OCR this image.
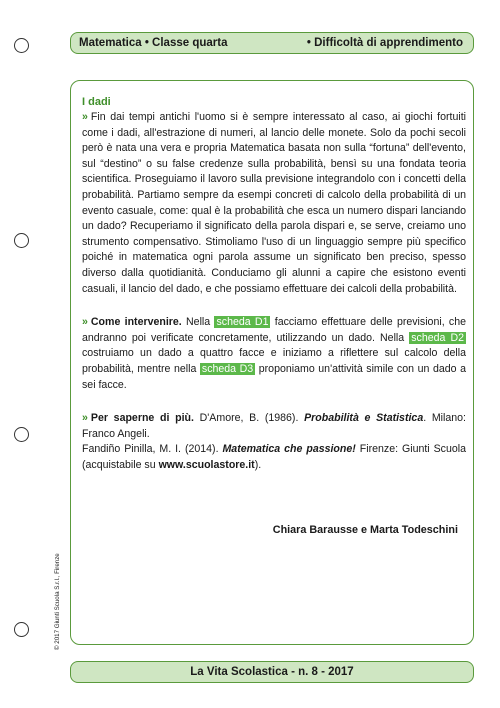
Matematica • Classe quarta	• Difficoltà di apprendimento

I dadi

» Fin dai tempi antichi l'uomo si è sempre interessato al caso, ai giochi fortuiti come i dadi, all'estrazione di numeri, al lancio delle monete. Solo da pochi secoli però è nata una vera e propria Matematica basata non sulla “fortuna” dell'evento, sul “destino” o su false credenze sulla probabilità, bensì su una fondata teoria scientifica. Proseguiamo il lavoro sulla previsione integrandolo con i concetti della probabilità. Partiamo sempre da esempi concreti di calcolo della probabilità di un evento casuale, come: qual è la probabilità che esca un numero dispari lanciando un dado? Recuperiamo il significato della parola dispari e, se serve, creiamo uno strumento compensativo. Stimoliamo l'uso di un linguaggio sempre più specifico poiché in matematica ogni parola assume un significato ben preciso, spesso diverso dalla quotidianità. Conduciamo gli alunni a capire che esistono eventi casuali, il lancio del dado, e che possiamo effettuare dei calcoli della probabilità.

» Come intervenire. Nella scheda D1 facciamo effettuare delle previsioni, che andranno poi verificate concretamente, utilizzando un dado. Nella scheda D2 costruiamo un dado a quattro facce e iniziamo a riflettere sul calcolo della probabilità, mentre nella scheda D3 proponiamo un'attività simile con un dado a sei facce.

» Per saperne di più. D'Amore, B. (1986). Probabilità e Statistica. Milano: Franco Angeli.

Fandiño Pinilla, M. I. (2014). Matematica che passione! Firenze: Giunti Scuola (acquistabile su www.scuolastore.it).

Chiara Barausse e Marta Todeschini
© 2017 Giunti Scuola S.r.l., Firenze
La Vita Scolastica - n. 8 - 2017
